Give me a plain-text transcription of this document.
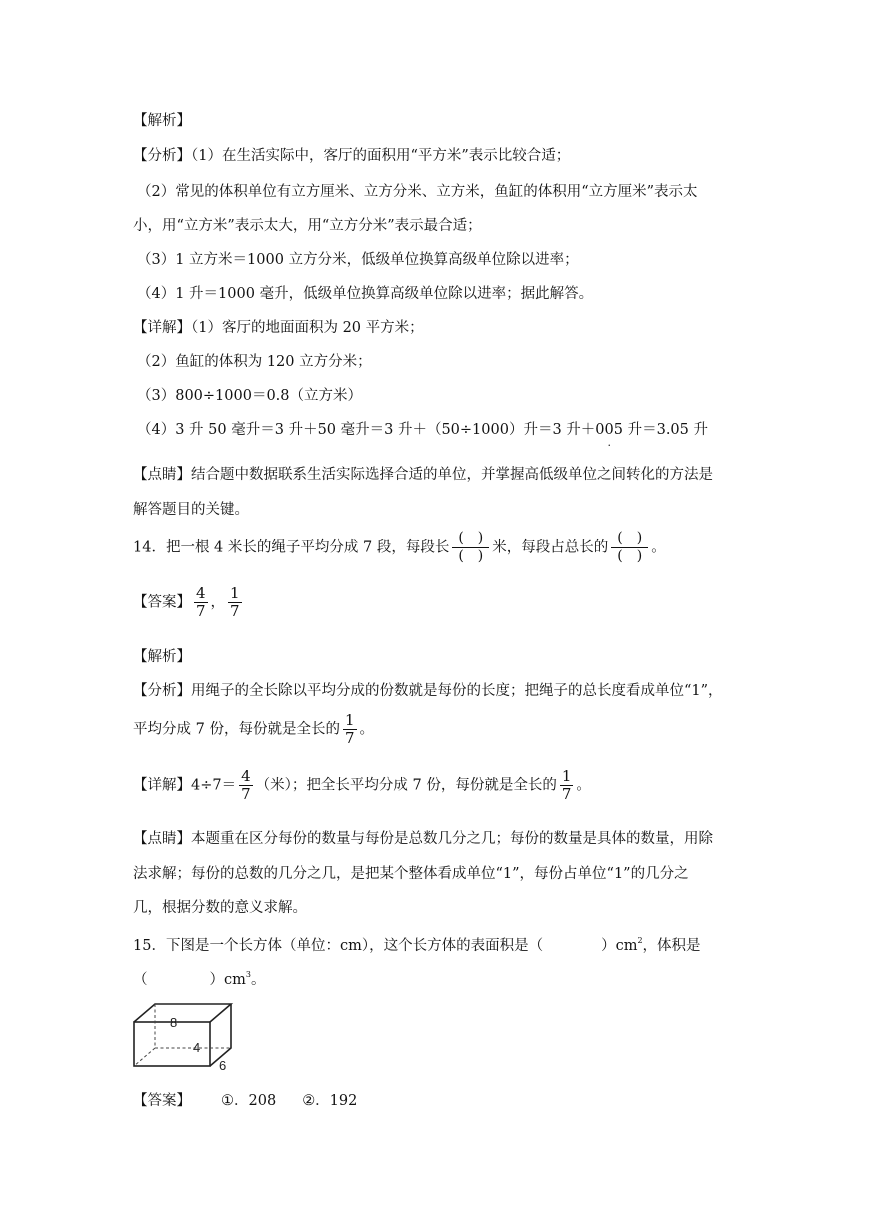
【解析】
【分析】（1）在生活实际中，客厅的面积用“平方米”表示比较合适；
（2）常见的体积单位有立方厘米、立方分米、立方米，鱼缸的体积用“立方厘米”表示太
小，用“立方米”表示太大，用“立方分米”表示最合适；
（3）1 立方米＝1000 立方分米，低级单位换算高级单位除以进率；
（4）1 升＝1000 毫升，低级单位换算高级单位除以进率；据此解答。
【详解】（1）客厅的地面面积为 20 平方米；
（2）鱼缸的体积为 120 立方分米；
（3）800÷1000＝0.8（立方米）
（4）3 升 50 毫升＝3 升＋50 毫升＝3 升＋（50÷1000）升＝3 升＋00
·
5 升＝3.05 升
【点睛】结合题中数据联系生活实际选择合适的单位，并掌握高低级单位之间转化的方法是
解答题目的关键。
14．把一根 4 米长的绳子平均分成 7 段，每段长 $\frac{( )}{( )}$ 米，每段占总长的 $\frac{( )}{( )}$ 。
【答案】 $\frac{4}{7}$ ， $\frac{1}{7}$
【解析】
【分析】用绳子的全长除以平均分成的份数就是每份的长度；把绳子的总长度看成单位“1”，
平均分成 7 份，每份就是全长的 $\frac{1}{7}$ 。
【详解】$4\div 7= \frac{4}{7}$ （米）；把全长平均分成 7 份，每份就是全长的 $\frac{1}{7}$ 。
【点睛】本题重在区分每份的数量与每份是总数几分之几；每份的数量是具体的数量，用除
法求解；每份的总数的几分之几，是把某个整体看成单位“1”，每份占单位“1”的几分之
几，根据分数的意义求解。
15．下图是一个长方体（单位：cm），这个长方体的表面积是（	）$cm^2$，体积是
（	）$cm^3$。
8
4
6
【答案】 ①．208 ②．192
